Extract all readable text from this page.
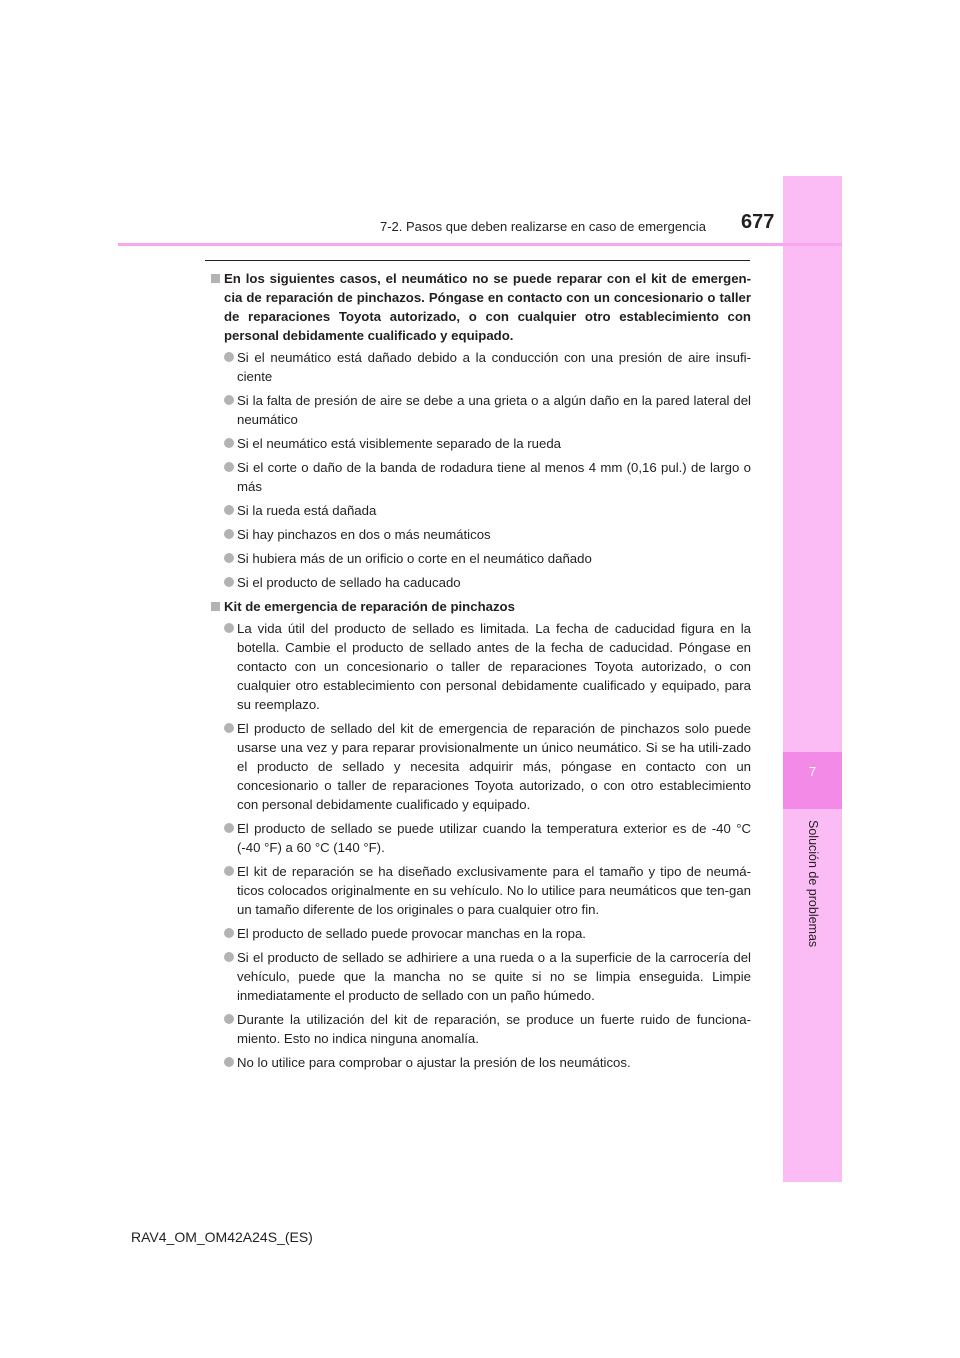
7
Solución de problemas
7-2. Pasos que deben realizarse en caso de emergencia 677
En los siguientes casos, el neumático no se puede reparar con el kit de emergen-cia de reparación de pinchazos. Póngase en contacto con un concesionario o taller de reparaciones Toyota autorizado, o con cualquier otro establecimiento con personal debidamente cualificado y equipado.
Si el neumático está dañado debido a la conducción con una presión de aire insufi-ciente
Si la falta de presión de aire se debe a una grieta o a algún daño en la pared lateral del neumático
Si el neumático está visiblemente separado de la rueda
Si el corte o daño de la banda de rodadura tiene al menos 4 mm (0,16 pul.) de largo o más
Si la rueda está dañada
Si hay pinchazos en dos o más neumáticos
Si hubiera más de un orificio o corte en el neumático dañado
Si el producto de sellado ha caducado
Kit de emergencia de reparación de pinchazos
La vida útil del producto de sellado es limitada. La fecha de caducidad figura en la botella. Cambie el producto de sellado antes de la fecha de caducidad. Póngase en contacto con un concesionario o taller de reparaciones Toyota autorizado, o con cualquier otro establecimiento con personal debidamente cualificado y equipado, para su reemplazo.
El producto de sellado del kit de emergencia de reparación de pinchazos solo puede usarse una vez y para reparar provisionalmente un único neumático. Si se ha utili-zado el producto de sellado y necesita adquirir más, póngase en contacto con un concesionario o taller de reparaciones Toyota autorizado, o con otro establecimiento con personal debidamente cualificado y equipado.
El producto de sellado se puede utilizar cuando la temperatura exterior es de -40 °C (-40 °F) a 60 °C (140 °F).
El kit de reparación se ha diseñado exclusivamente para el tamaño y tipo de neumá-ticos colocados originalmente en su vehículo. No lo utilice para neumáticos que ten-gan un tamaño diferente de los originales o para cualquier otro fin.
El producto de sellado puede provocar manchas en la ropa.
Si el producto de sellado se adhiriere a una rueda o a la superficie de la carrocería del vehículo, puede que la mancha no se quite si no se limpia enseguida. Limpie inmediatamente el producto de sellado con un paño húmedo.
Durante la utilización del kit de reparación, se produce un fuerte ruido de funciona-miento. Esto no indica ninguna anomalía.
No lo utilice para comprobar o ajustar la presión de los neumáticos.
RAV4_OM_OM42A24S_(ES)
